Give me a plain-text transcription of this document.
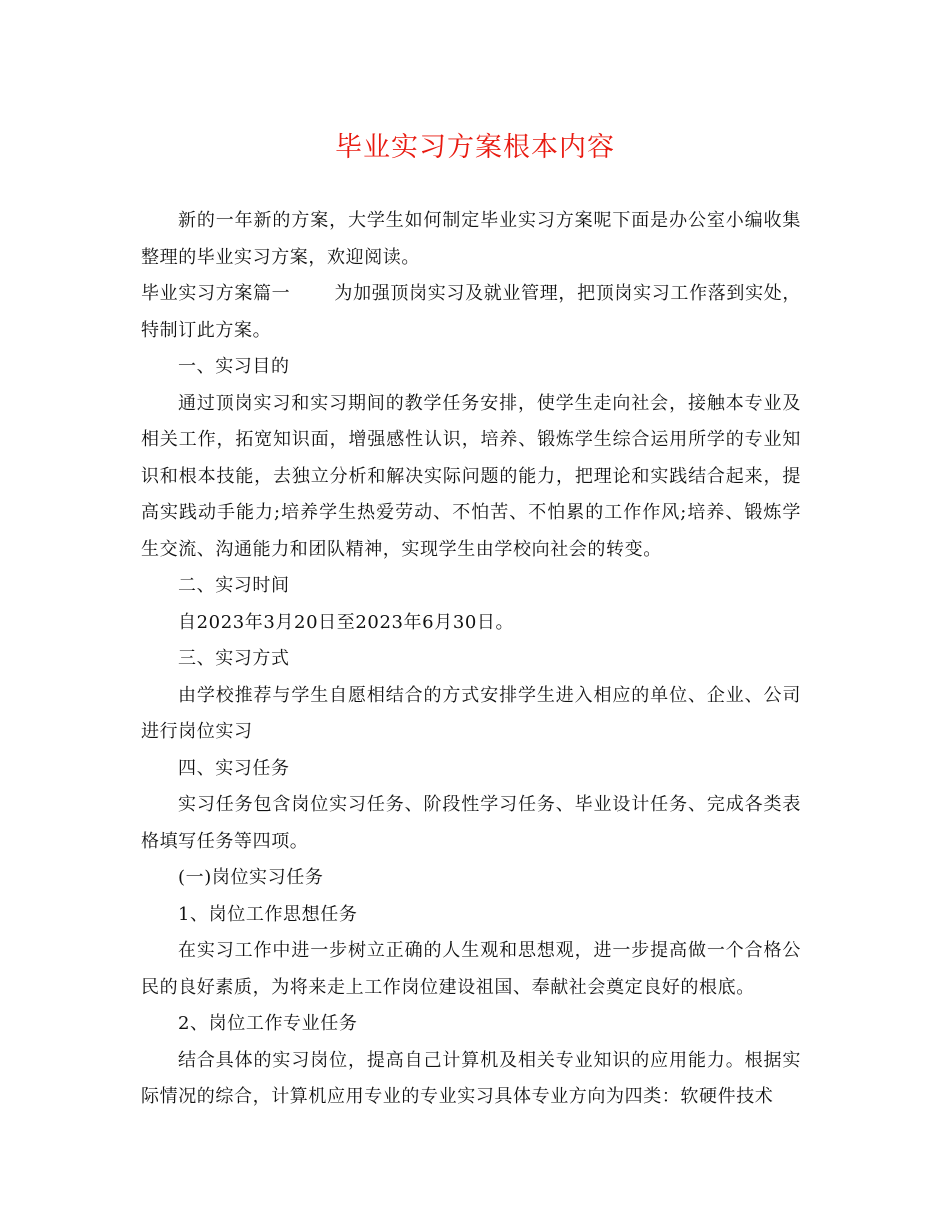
毕业实习方案根本内容

新的一年新的方案，大学生如何制定毕业实习方案呢下面是办公室小编收集整理的毕业实习方案，欢迎阅读。

毕业实习方案篇一 为加强顶岗实习及就业管理，把顶岗实习工作落到实处，特制订此方案。

一、实习目的

通过顶岗实习和实习期间的教学任务安排，使学生走向社会，接触本专业及相关工作，拓宽知识面，增强感性认识，培养、锻炼学生综合运用所学的专业知识和根本技能，去独立分析和解决实际问题的能力，把理论和实践结合起来，提高实践动手能力;培养学生热爱劳动、不怕苦、不怕累的工作作风;培养、锻炼学生交流、沟通能力和团队精神，实现学生由学校向社会的转变。

二、实习时间

自2023年3月20日至2023年6月30日。

三、实习方式

由学校推荐与学生自愿相结合的方式安排学生进入相应的单位、企业、公司进行岗位实习

四、实习任务

实习任务包含岗位实习任务、阶段性学习任务、毕业设计任务、完成各类表格填写任务等四项。

(一)岗位实习任务

1、岗位工作思想任务

在实习工作中进一步树立正确的人生观和思想观，进一步提高做一个合格公民的良好素质，为将来走上工作岗位建设祖国、奉献社会奠定良好的根底。

2、岗位工作专业任务

结合具体的实习岗位，提高自己计算机及相关专业知识的应用能力。根据实际情况的综合，计算机应用专业的专业实习具体专业方向为四类：软硬件技术
